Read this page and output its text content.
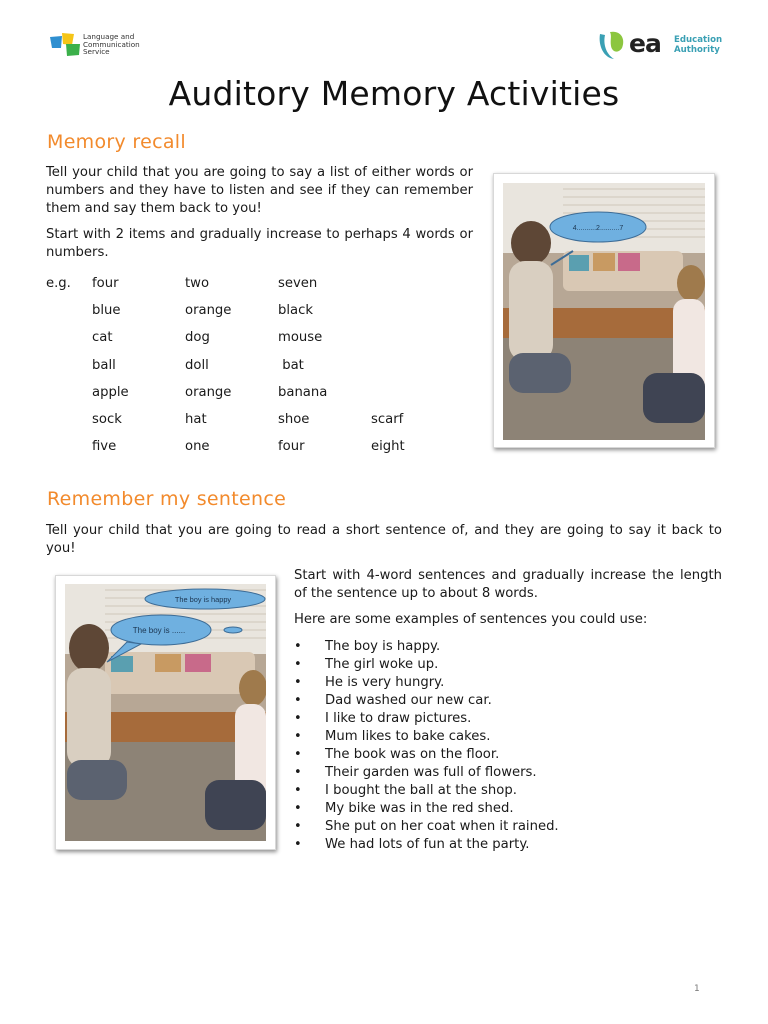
Language and
Communication
Service	ea Education
Authority
Auditory Memory Activities
Memory recall
Tell your child that you are going to say a list of either words or numbers and they have to listen and see if they can remember them and say them back to you!
Start with 2 items and gradually increase to perhaps 4 words or numbers.
e.g.	four	two	seven	
	blue	orange	black	
	cat	dog	mouse	
	ball	doll	bat	
	apple	orange	banana	
	sock	hat	shoe	scarf
	five	one	four	eight
4..........2..........7
Remember my sentence
Tell your child that you are going to read a short sentence of, and they are going to say it back to you!
The boy is happy
The boy is ......
Start with 4-word sentences and gradually increase the length of the sentence up to about 8 words.
Here are some examples of sentences you could use:
• The boy is happy.
• The girl woke up.
• He is very hungry.
• Dad washed our new car.
• I like to draw pictures.
• Mum likes to bake cakes.
• The book was on the floor.
• Their garden was full of flowers.
• I bought the ball at the shop.
• My bike was in the red shed.
• She put on her coat when it rained.
• We had lots of fun at the party.
1
